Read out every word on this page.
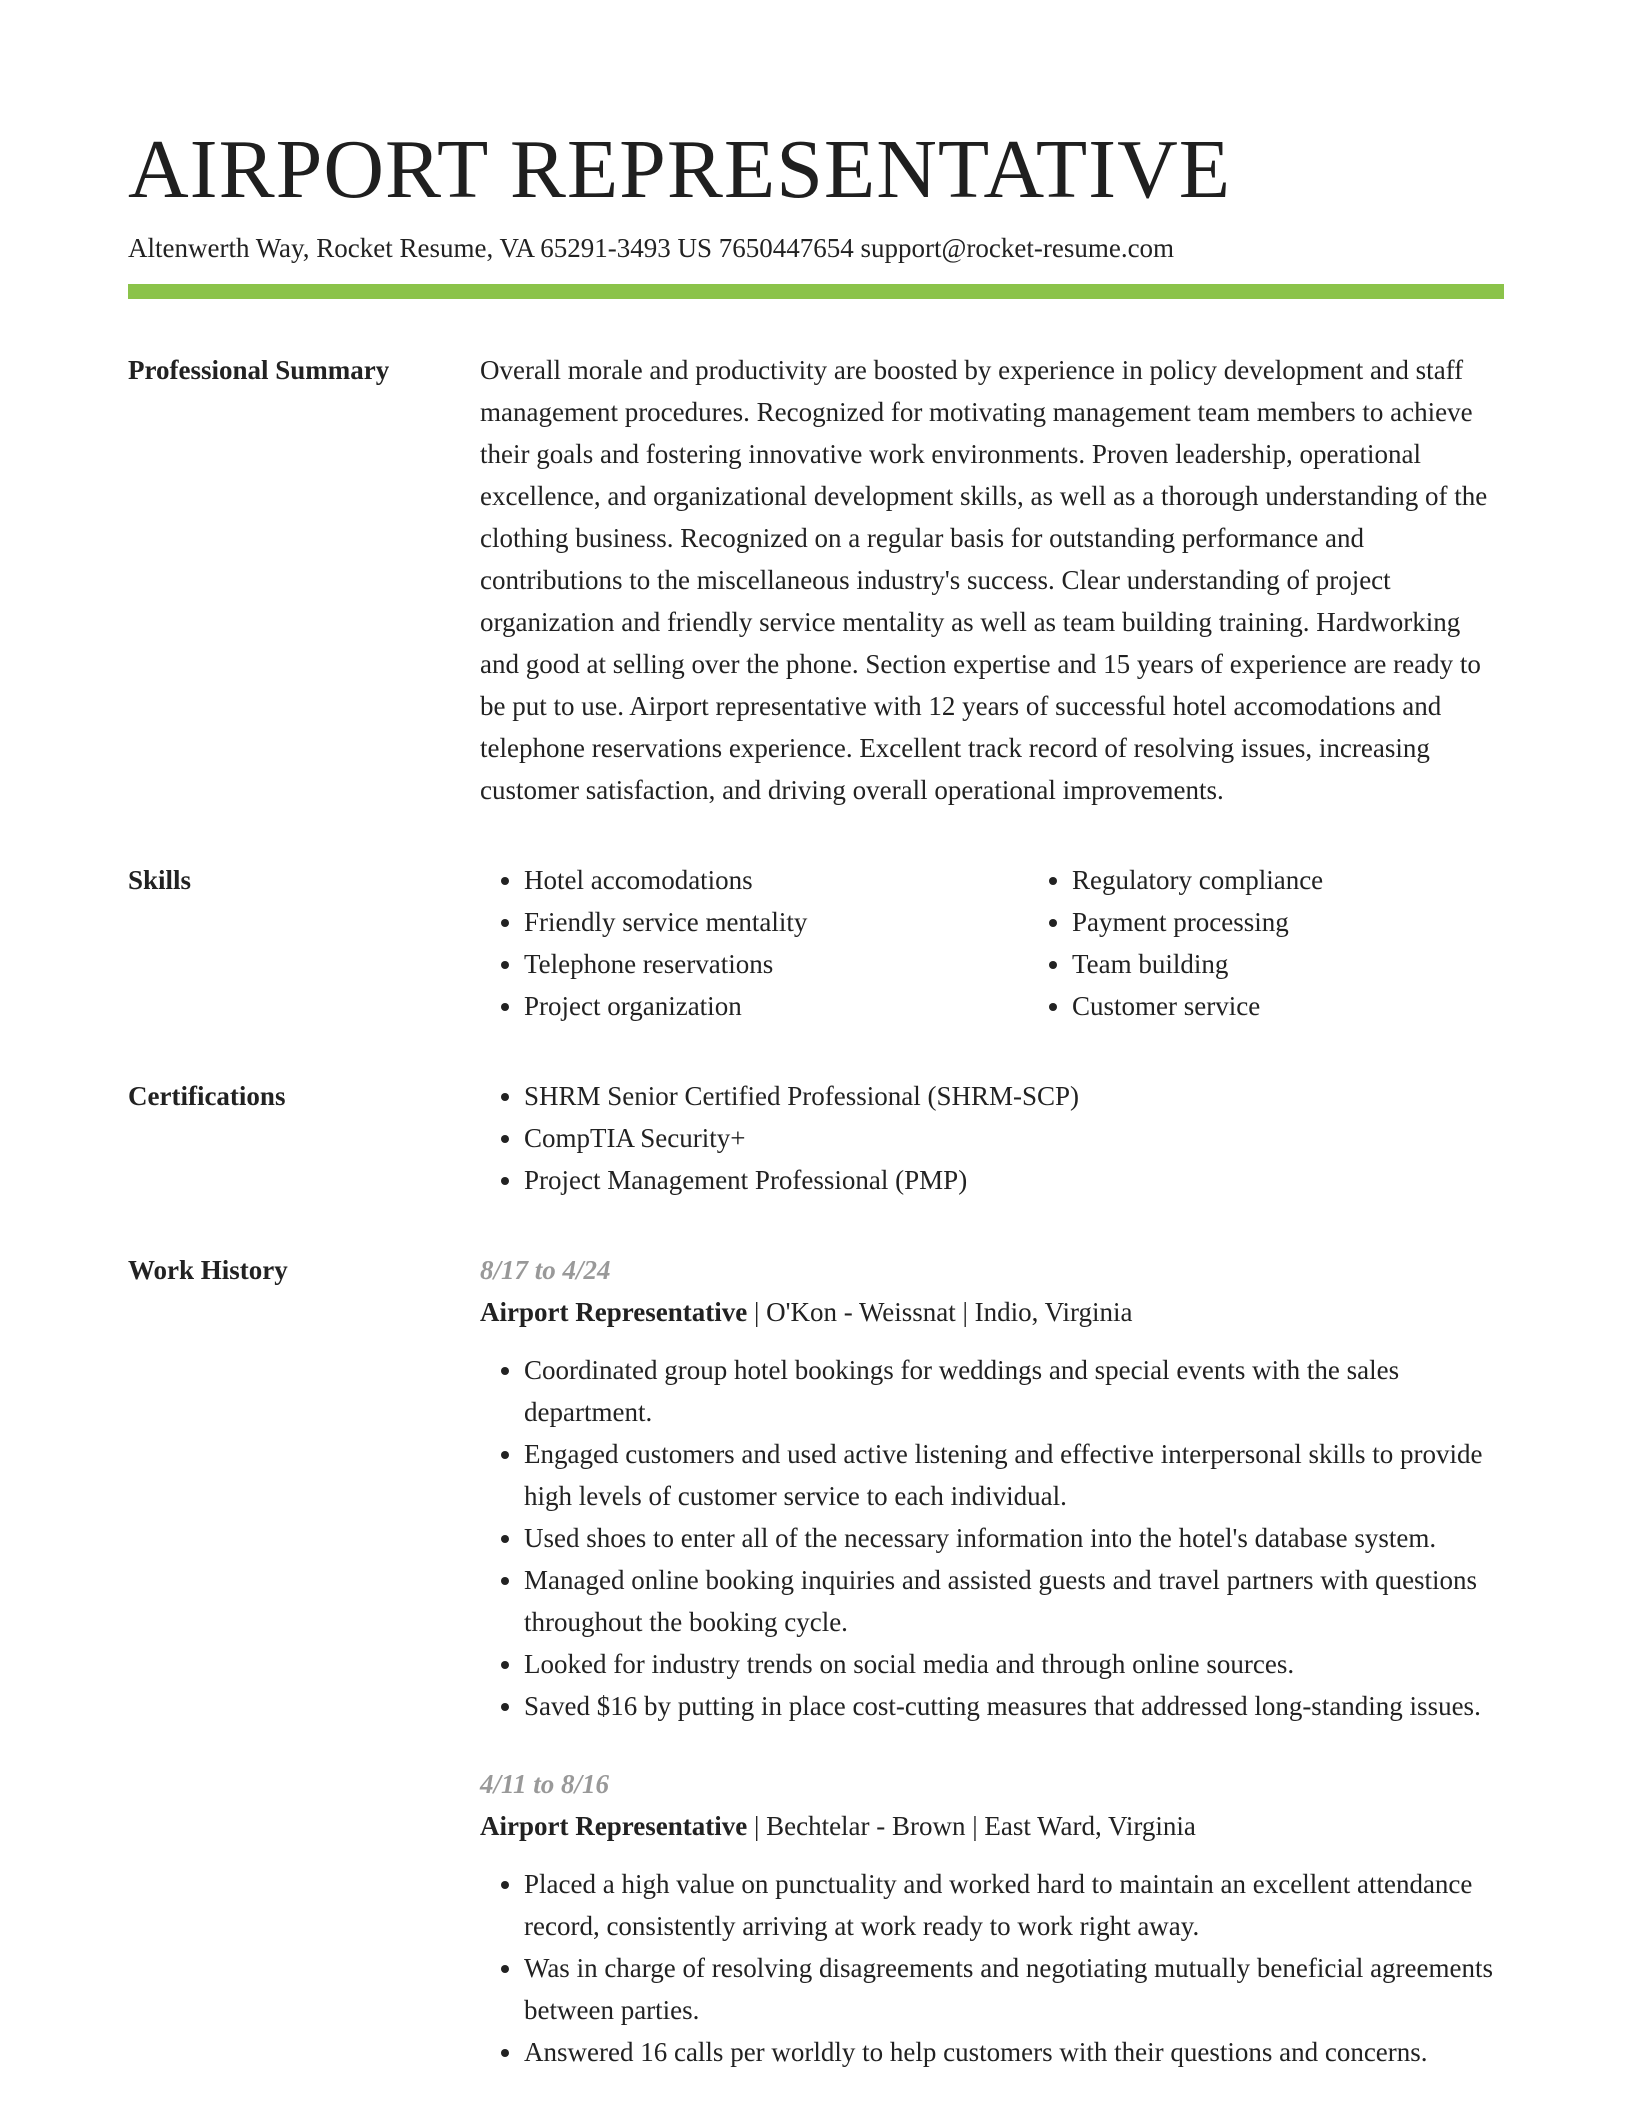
AIRPORT REPRESENTATIVE
Altenwerth Way, Rocket Resume, VA 65291-3493 US 7650447654 support@rocket-resume.com
Professional Summary	Overall morale and productivity are boosted by experience in policy development and staff management procedures. Recognized for motivating management team members to achieve their goals and fostering innovative work environments. Proven leadership, operational excellence, and organizational development skills, as well as a thorough understanding of the clothing business. Recognized on a regular basis for outstanding performance and contributions to the miscellaneous industry's success. Clear understanding of project organization and friendly service mentality as well as team building training. Hardworking and good at selling over the phone. Section expertise and 15 years of experience are ready to be put to use. Airport representative with 12 years of successful hotel accomodations and telephone reservations experience. Excellent track record of resolving issues, increasing customer satisfaction, and driving overall operational improvements.

Skills	• Hotel accomodations
• Friendly service mentality
• Telephone reservations
• Project organization
• Regulatory compliance
• Payment processing
• Team building
• Customer service
Certifications	• SHRM Senior Certified Professional (SHRM-SCP)
• CompTIA Security+
• Project Management Professional (PMP)
Work History	8/17 to 4/24
Airport Representative | O'Kon - Weissnat | Indio, Virginia
• Coordinated group hotel bookings for weddings and special events with the sales department.
• Engaged customers and used active listening and effective interpersonal skills to provide high levels of customer service to each individual.
• Used shoes to enter all of the necessary information into the hotel's database system.
• Managed online booking inquiries and assisted guests and travel partners with questions throughout the booking cycle.
• Looked for industry trends on social media and through online sources.
• Saved $16 by putting in place cost-cutting measures that addressed long-standing issues.
4/11 to 8/16
Airport Representative | Bechtelar - Brown | East Ward, Virginia
• Placed a high value on punctuality and worked hard to maintain an excellent attendance record, consistently arriving at work ready to work right away.
• Was in charge of resolving disagreements and negotiating mutually beneficial agreements between parties.
• Answered 16 calls per worldly to help customers with their questions and concerns.
